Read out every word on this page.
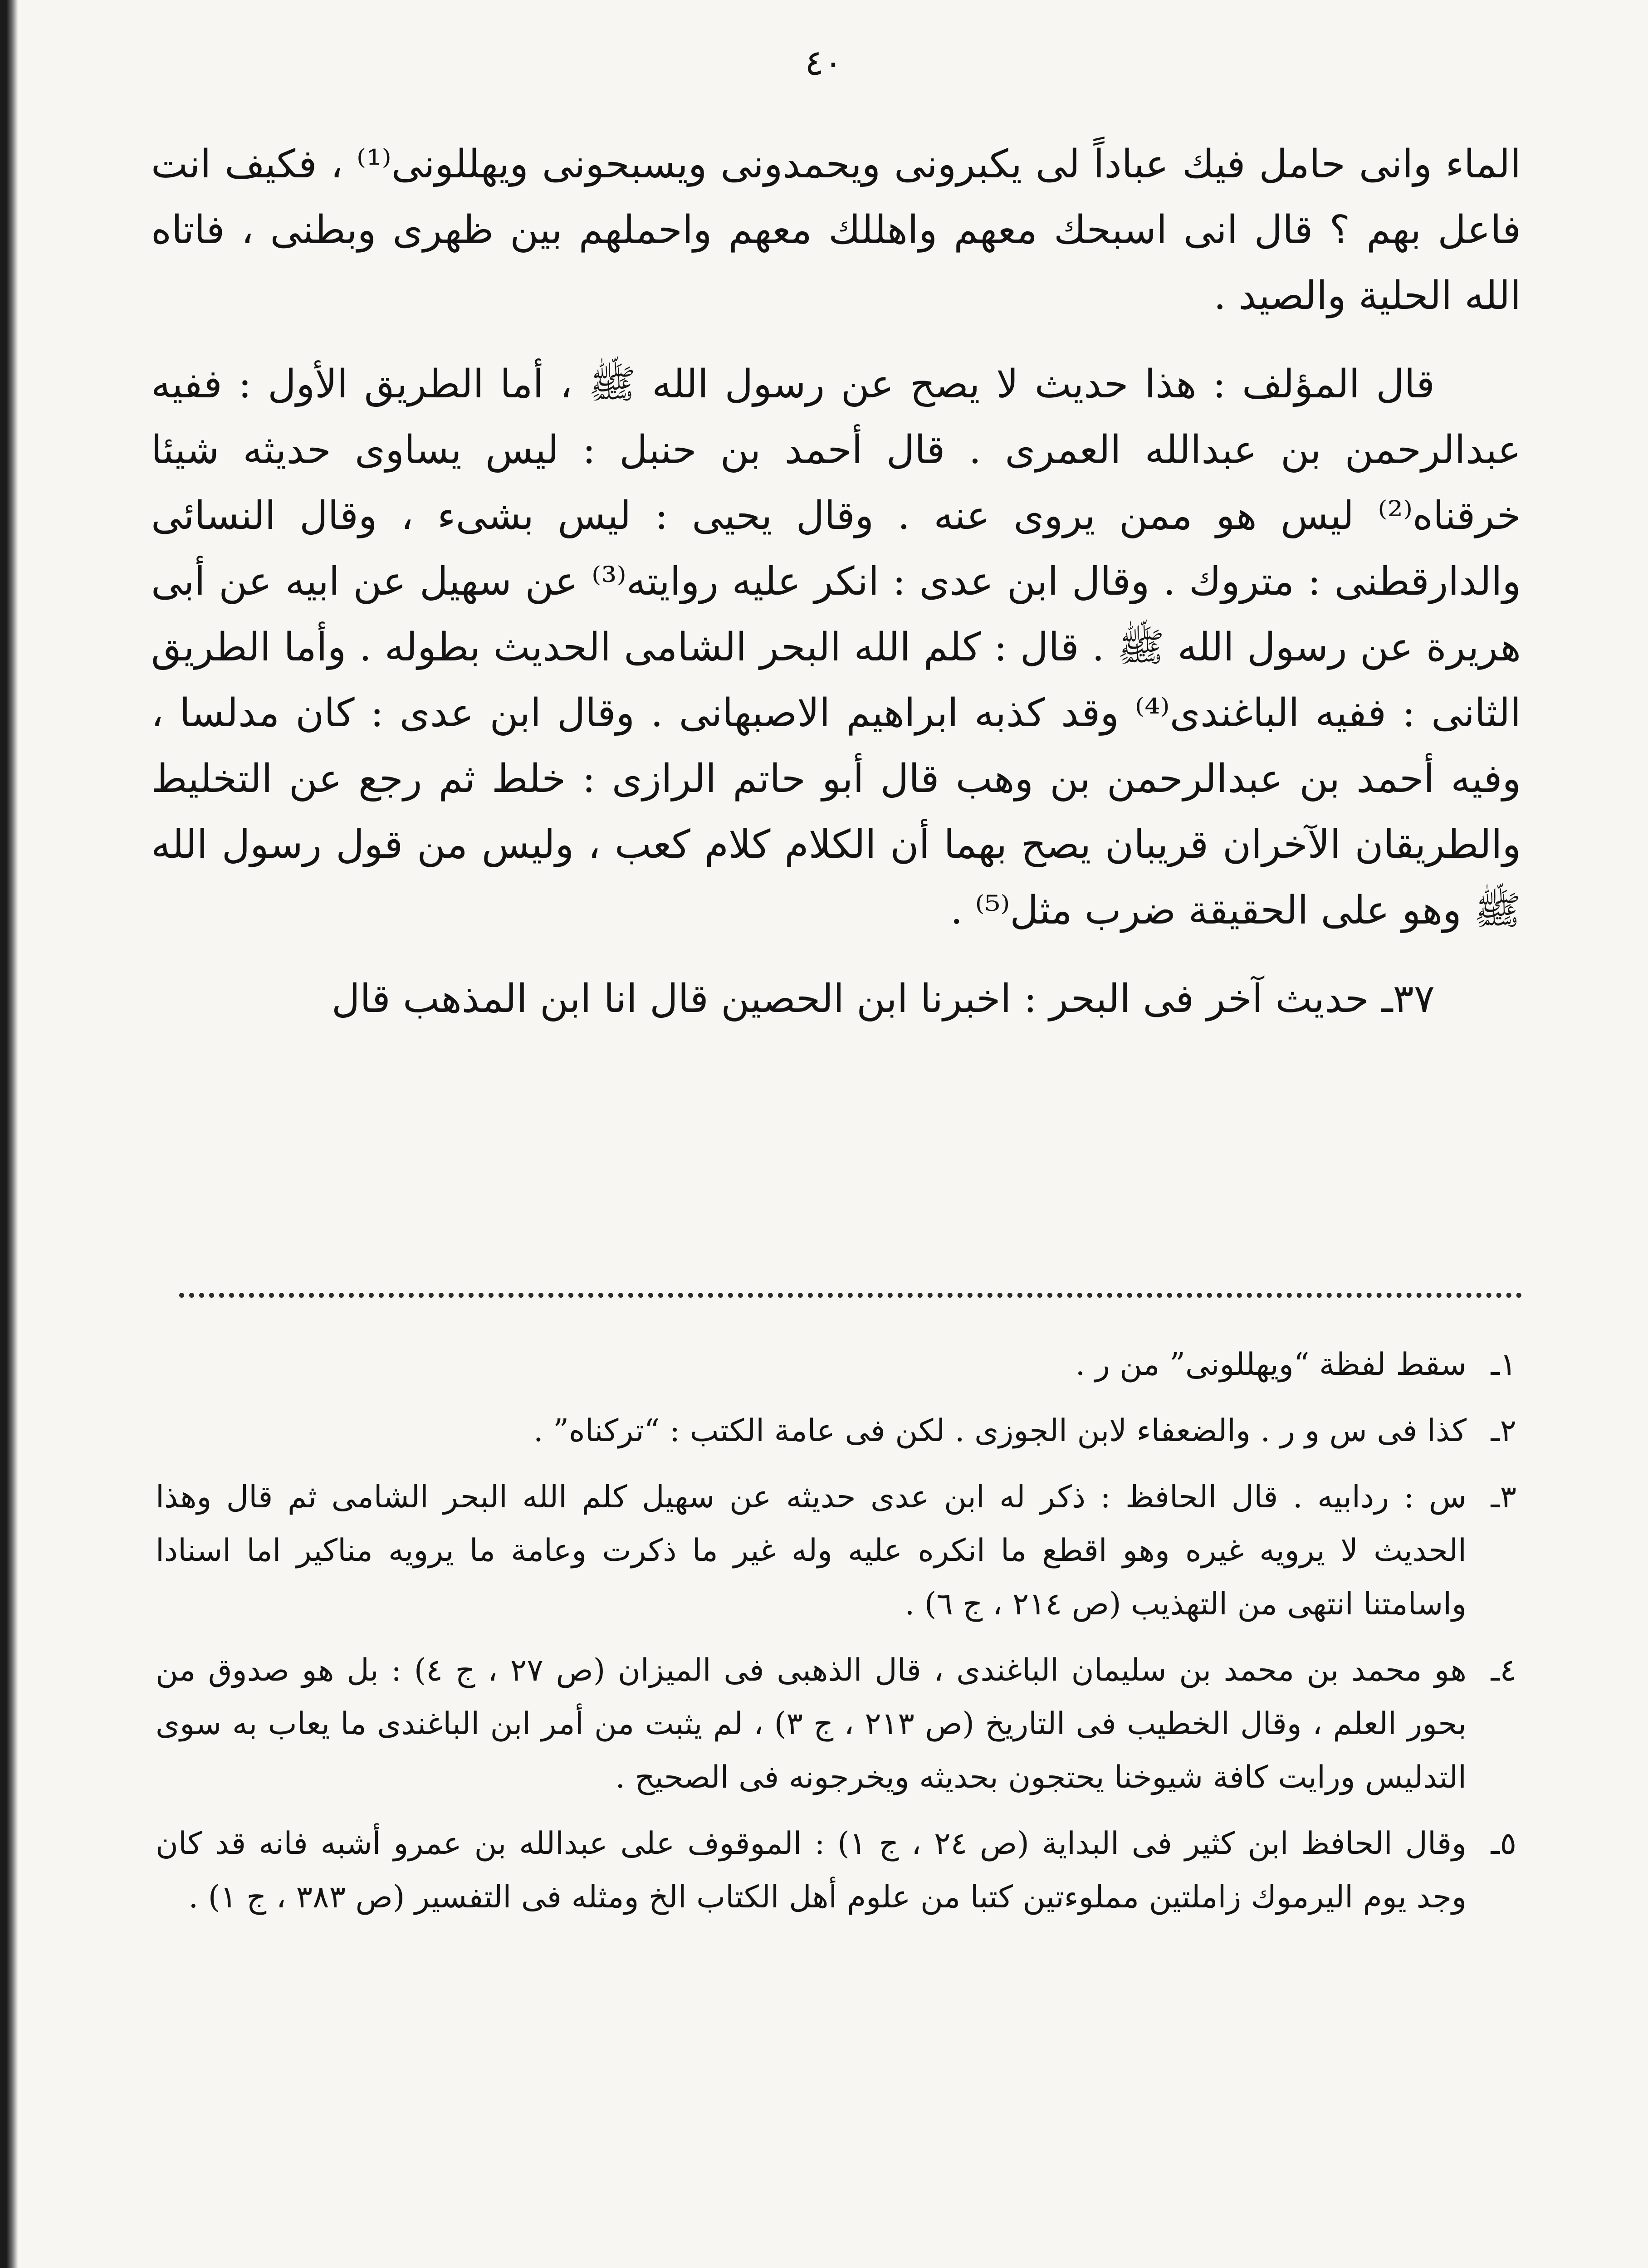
٤٠

الماء وانى حامل فيك عباداً لى يكبرونى ويحمدونى ويسبحونى ويهللونى⁽¹⁾ ، فكيف انت فاعل بهم ؟ قال انى اسبحك معهم واهللك معهم واحملهم بين ظهرى وبطنى ، فاتاه الله الحلية والصيد .

قال المؤلف : هذا حديث لا يصح عن رسول الله ﷺ ، أما الطريق الأول : ففيه عبدالرحمن بن عبدالله العمرى . قال أحمد بن حنبل : ليس يساوى حديثه شيئا خرقناه⁽²⁾ ليس هو ممن يروى عنه . وقال يحيى : ليس بشىء ، وقال النسائى والدارقطنى : متروك . وقال ابن عدى : انكر عليه روايته⁽³⁾ عن سهيل عن ابيه عن أبى هريرة عن رسول الله ﷺ . قال : كلم الله البحر الشامى الحديث بطوله . وأما الطريق الثانى : ففيه الباغندى⁽⁴⁾ وقد كذبه ابراهيم الاصبهانى . وقال ابن عدى : كان مدلسا ، وفيه أحمد بن عبدالرحمن بن وهب قال أبو حاتم الرازى : خلط ثم رجع عن التخليط والطريقان الآخران قريبان يصح بهما أن الكلام كلام كعب ، وليس من قول رسول الله ﷺ وهو على الحقيقة ضرب مثل⁽⁵⁾ .

٣٧ـ حديث آخر فى البحر : اخبرنا ابن الحصين قال انا ابن المذهب قال

١ـ
سقط لفظة “ويهللونى” من ر .
٢ـ
كذا فى س و ر . والضعفاء لابن الجوزى . لكن فى عامة الكتب : “تركناه” .
٣ـ
س : ردابيه . قال الحافظ : ذكر له ابن عدى حديثه عن سهيل كلم الله البحر الشامى ثم قال وهذا الحديث لا يرويه غيره وهو اقطع ما انكره عليه وله غير ما ذكرت وعامة ما يرويه مناكير اما اسنادا واسامتنا انتهى من التهذيب (ص ٢١٤ ، ج ٦) .
٤ـ
هو محمد بن محمد بن سليمان الباغندى ، قال الذهبى فى الميزان (ص ٢٧ ، ج ٤) : بل هو صدوق من بحور العلم ، وقال الخطيب فى التاريخ (ص ٢١٣ ، ج ٣) ، لم يثبت من أمر ابن الباغندى ما يعاب به سوى التدليس ورايت كافة شيوخنا يحتجون بحديثه ويخرجونه فى الصحيح .
٥ـ
وقال الحافظ ابن كثير فى البداية (ص ٢٤ ، ج ١) : الموقوف على عبدالله بن عمرو أشبه فانه قد كان وجد يوم اليرموك زاملتين مملوءتين كتبا من علوم أهل الكتاب الخ ومثله فى التفسير (ص ٣٨٣ ، ج ١) .
